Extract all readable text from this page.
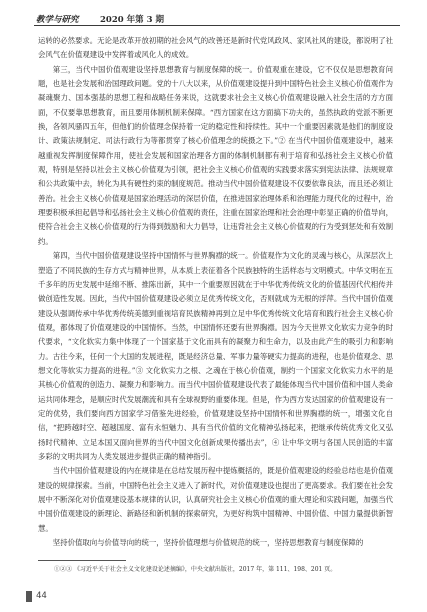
教学与研究	2020 年第 3 期

运转的必然要求。无论是改革开放初期的社会风气的改善还是新时代党风政风、家风社风的建设，都说明了社会风气在价值观建设中发挥着或风化人的成效。

第三，当代中国价值观建设坚持思想教育与制度保障的统一。价值观重在建设，它不仅仅是思想教育问题，也是社会发展和治国理政问题。党的十八大以来，从价值观建设提升到中国特色社会主义核心价值观作为凝魂聚力、国本强基的思想工程和战略任务来说，这就要求社会主义核心价值观建设融入社会生活的方方面面，不仅要靠思想教育，而且要用体制机制来保障。“西方国家在这方面搞下功夫的，虽然执政的党派不断更换，各领风骚四五年，但他们的价值理念保持着一定的稳定性和持续性。其中一个重要因素就是他们的制度设计、政策法规制定、司法行政行为等都贯穿了核心价值理念的统摄之下。”② 在当代中国价值观建设中，越来越重视发挥制度保障作用，使社会发展和国家治理各方面的体制机制都有利于培育和弘扬社会主义核心价值观，特别是坚持以社会主义核心价值观为引领，把社会主义核心价值观的实践要求落实到宪法法律、法规规章和公共政策中去，转化为具有硬性约束的制度规范。推动当代中国价值观建设不仅要依靠良法，而且还必须让善治。社会主义核心价值观是国家治理活动的深层价值，在推进国家治理体系和治理能力现代化的过程中，治理要积极承担起倡导和弘扬社会主义核心价值观的责任，注重在国家治理和社会治理中彰显正确的价值导向，使符合社会主义核心价值观的行为得到鼓励和大力倡导，让违背社会主义核心价值观的行为受到惩处和有效制约。

第四，当代中国价值观建设坚持中国情怀与世界胸襟的统一。价值观作为文化的灵魂与核心，从深层次上塑造了不同民族的生存方式与精神世界，从本质上表征着各个民族独特的生活样态与文明模式。中华文明在五千多年的历史发展中延绵不断、推陈出新，其中一个重要原因就在于中华优秀传统文化的价值基因代代相传并做创造性发展。因此，当代中国价值观建设必须立足优秀传统文化，否则就成为无根的浮萍。当代中国价值观建设从强调传承中华优秀传统美德到重视培育民族精神再到立足中华优秀传统文化培育和践行社会主义核心价值观，都体现了价值观建设的中国情怀。当然，中国情怀还要有世界胸襟。因为今天世界文化软实力竞争的时代要求，“文化软实力集中体现了一个国家基于文化而具有的凝聚力和生命力，以及由此产生的吸引力和影响力。古往今来，任何一个大国的发展进程，既是经济总量、军事力量等硬实力提高的进程，也是价值观念、思想文化等软实力提高的进程。”③ 文化软实力之根、之魂在于核心价值观，制约一个国家文化软实力水平的是其核心价值观的创造力、凝聚力和影响力。而当代中国价值观建设代表了最能体现当代中国价值和中国人类命运共同体理念，是顺应时代发展潮流和具有全球视野的重要体现。但是，作为西方发达国家的价值观建设有一定的优势，我们要向西方国家学习借鉴先进经验，价值观建设坚持中国情怀和世界胸襟的统一，增强文化自信，“把跨越时空、超越国度、富有永恒魅力、具有当代价值的文化精神弘扬起来，把继承传统优秀文化又弘扬时代精神、立足本国又面向世界的当代中国文化创新成果传播出去”，④ 让中华文明与各国人民创造的丰富多彩的文明共同为人类发展进步提供正确的精神指引。

当代中国价值观建设的内在规律是在总结发展历程中提炼概括的，既是价值观建设的经验总结也是价值观建设的规律探索。当前，中国特色社会主义进入了新时代，对价值观建设也提出了更高要求。我们要在社会发展中不断深化对价值观建设基本规律的认识，认真研究社会主义核心价值观的重大理论和实践问题，加强当代中国价值观建设的新理论、新路径和新机制的探索研究，为更好构筑中国精神、中国价值、中国力量提供新智慧。

坚持价值取向与价值导向的统一，坚持价值理想与价值规范的统一，坚持思想教育与制度保障的

①②③ 《习近平关于社会主义文化建设论述摘编》，中央文献出版社，2017 年，第 111、198、201 页。
44
